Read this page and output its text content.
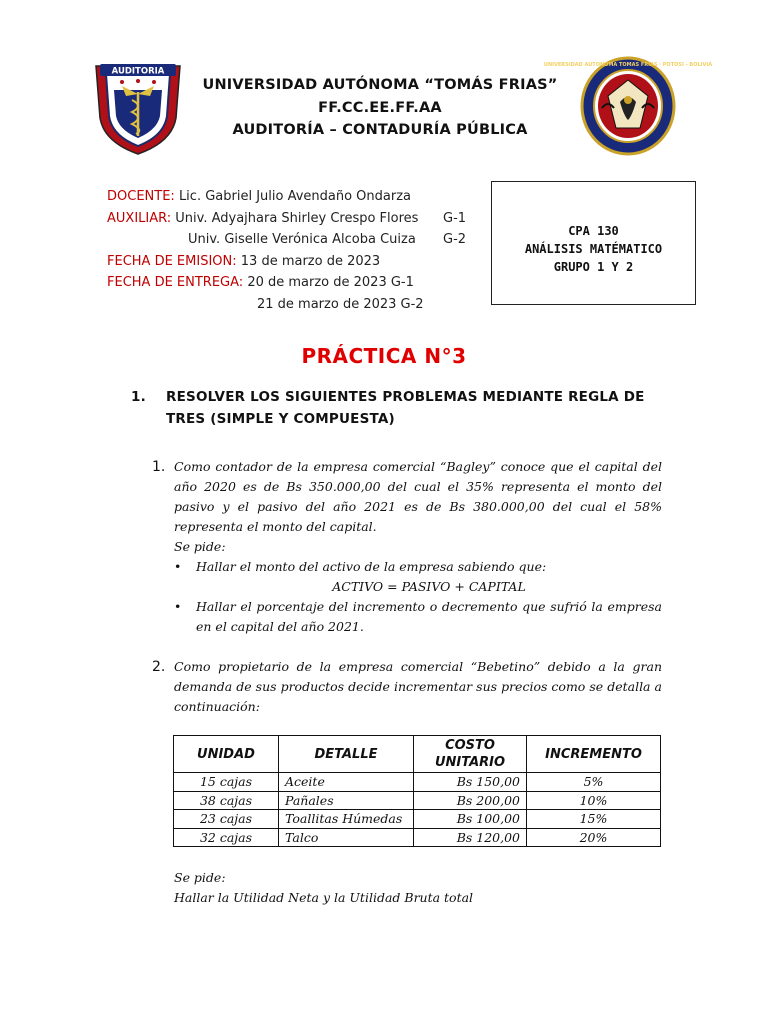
AUDITORIA
UNIVERSIDAD AUTÓNOMA “TOMÁS FRIAS”
FF.CC.EE.FF.AA
AUDITORÍA – CONTADURÍA PÚBLICA
UNIVERSIDAD AUTONOMA TOMAS FRIAS · POTOSI - BOLIVIA
DOCENTE: Lic. Gabriel Julio Avendaño Ondarza
AUXILIAR: Univ. Adyajhara Shirley Crespo Flores G-1
Univ. Giselle Verónica Alcoba Cuiza G-2
FECHA DE EMISION: 13 de marzo de 2023
FECHA DE ENTREGA: 20 de marzo de 2023 G-1
21 de marzo de 2023 G-2
CPA 130
ANÁLISIS MATÉMATICO
GRUPO 1 Y 2
PRÁCTICA N°3
1.	RESOLVER LOS SIGUIENTES PROBLEMAS MEDIANTE REGLA DE TRES (SIMPLE Y COMPUESTA)
1. Como contador de la empresa comercial “Bagley” conoce que el capital del año 2020 es de Bs 350.000,00 del cual el 35% representa el monto del pasivo y el pasivo del año 2021 es de Bs 380.000,00 del cual el 58% representa el monto del capital.
Se pide:
• Hallar el monto del activo de la empresa sabiendo que:
ACTIVO = PASIVO + CAPITAL
• Hallar el porcentaje del incremento o decremento que sufrió la empresa en el capital del año 2021.
2. Como propietario de la empresa comercial “Bebetino” debido a la gran demanda de sus productos decide incrementar sus precios como se detalla a continuación:
UNIDAD	DETALLE	COSTO UNITARIO	INCREMENTO
15 cajas	Aceite	Bs 150,00	5%
38 cajas	Pañales	Bs 200,00	10%
23 cajas	Toallitas Húmedas	Bs 100,00	15%
32 cajas	Talco	Bs 120,00	20%
Se pide:
Hallar la Utilidad Neta y la Utilidad Bruta total
